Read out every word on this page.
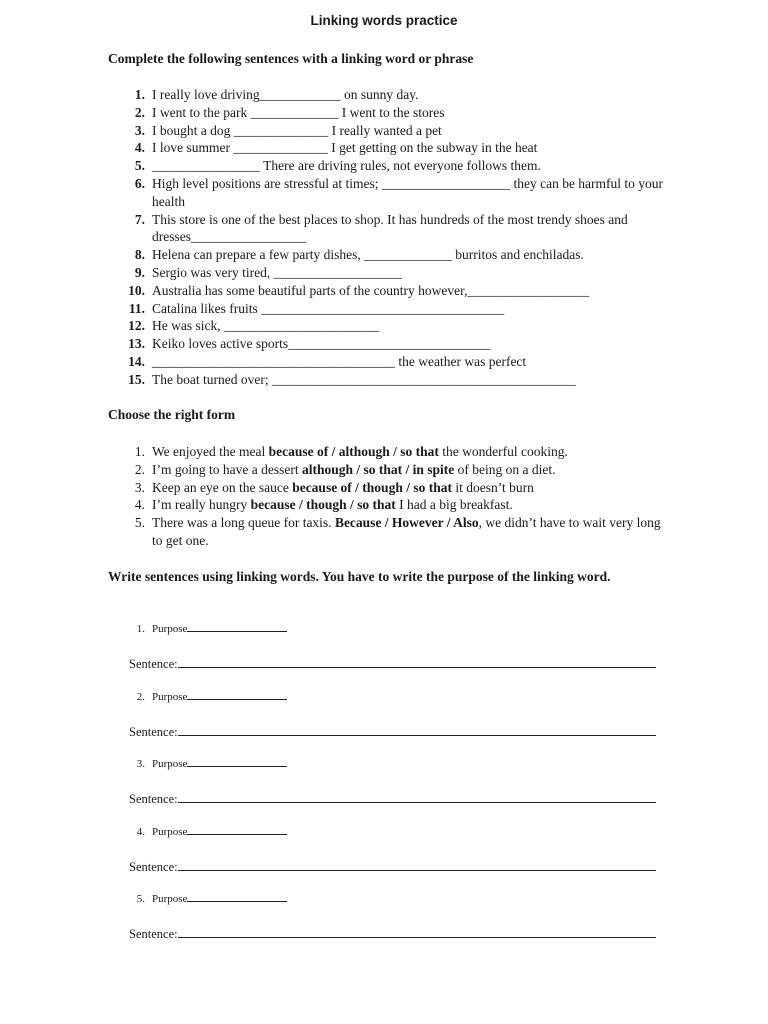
Linking words practice
Complete the following sentences with a linking word or phrase
1. I really love driving____________ on sunny day.
2. I went to the park _____________ I went to the stores
3. I bought a dog ______________ I really wanted a pet
4. I love summer ______________ I get getting on the subway in the heat
5. ________________ There are driving rules, not everyone follows them.
6. High level positions are stressful at times; ___________________ they can be harmful to your health
7. This store is one of the best places to shop. It has hundreds of the most trendy shoes and dresses_________________
8. Helena can prepare a few party dishes, _____________ burritos and enchiladas.
9. Sergio was very tired, ___________________
10. Australia has some beautiful parts of the country however,__________________
11. Catalina likes fruits ____________________________________
12. He was sick, _______________________
13. Keiko loves active sports______________________________
14. ____________________________________ the weather was perfect
15. The boat turned over; _____________________________________________
Choose the right form
1. We enjoyed the meal because of / although / so that the wonderful cooking.
2. I’m going to have a dessert although / so that / in spite of being on a diet.
3. Keep an eye on the sauce because of / though / so that it doesn’t burn
4. I’m really hungry because / though / so that I had a big breakfast.
5. There was a long queue for taxis. Because / However / Also, we didn’t have to wait very long to get one.
Write sentences using linking words. You have to write the purpose of the linking word.
1. Purpose
Sentence:
2. Purpose
Sentence:
3. Purpose
Sentence:
4. Purpose
Sentence:
5. Purpose
Sentence:
